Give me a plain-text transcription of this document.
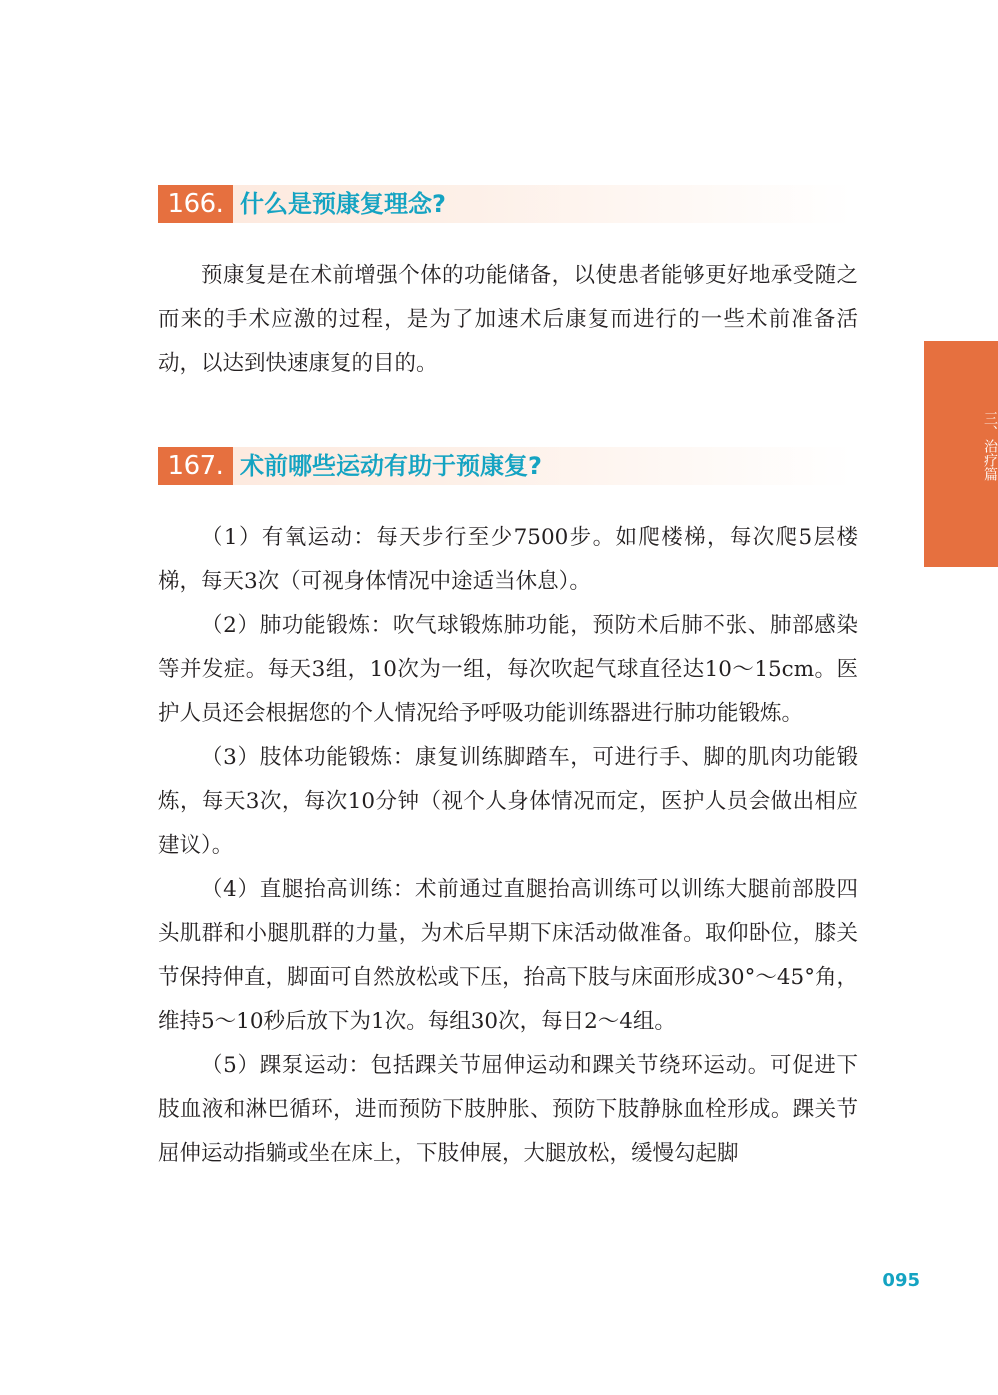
166. 什么是预康复理念?

预康复是在术前增强个体的功能储备，以使患者能够更好地承受随之而来的手术应激的过程，是为了加速术后康复而进行的一些术前准备活动，以达到快速康复的目的。

167. 术前哪些运动有助于预康复?

（1）有氧运动：每天步行至少7500步。如爬楼梯，每次爬5层楼梯，每天3次（可视身体情况中途适当休息）。

（2）肺功能锻炼：吹气球锻炼肺功能，预防术后肺不张、肺部感染等并发症。每天3组，10次为一组，每次吹起气球直径达10～15cm。医护人员还会根据您的个人情况给予呼吸功能训练器进行肺功能锻炼。

（3）肢体功能锻炼：康复训练脚踏车，可进行手、脚的肌肉功能锻炼，每天3次，每次10分钟（视个人身体情况而定，医护人员会做出相应建议）。

（4）直腿抬高训练：术前通过直腿抬高训练可以训练大腿前部股四头肌群和小腿肌群的力量，为术后早期下床活动做准备。取仰卧位，膝关节保持伸直，脚面可自然放松或下压，抬高下肢与床面形成30°～45°角，维持5～10秒后放下为1次。每组30次，每日2～4组。

（5）踝泵运动：包括踝关节屈伸运动和踝关节绕环运动。可促进下肢血液和淋巴循环，进而预防下肢肿胀、预防下肢静脉血栓形成。踝关节屈伸运动指躺或坐在床上，下肢伸展，大腿放松，缓慢勾起脚

三、治疗篇
095
